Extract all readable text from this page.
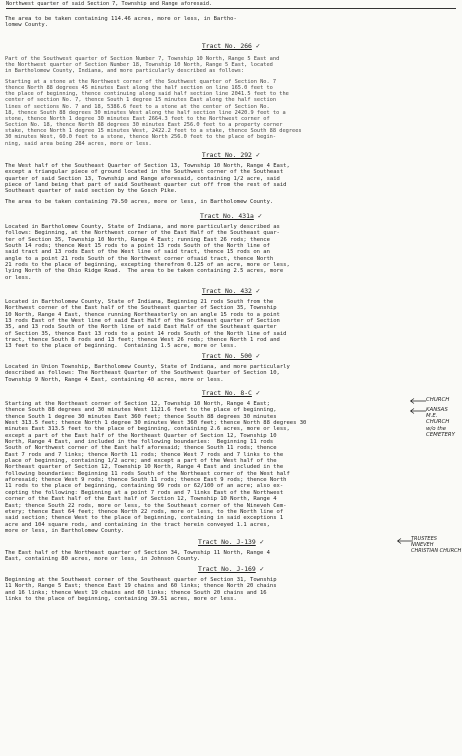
Northwest quarter of said Section 7, Township and Range aforesaid.
The area to be taken containing 114.46 acres, more or less, in Bartho-
lomew County.
Tract No. 266 ✓
Part of the Southwest quarter of Section Number 7, Township 10 North, Range 5 East and
the Northwest quarter of Section Number 18, Township 10 North, Range 5 East, located
in Bartholomew County, Indiana, and more particularly described as follows:
Starting at a stone at the Northwest corner of the Southwest quarter of Section No. 7
thence North 88 degrees 45 minutes East along the half section on line 165.0 feet to
the place of beginning, thence continuing along said half section line 2041.5 feet to the
center of section No. 7, thence South 1 degree 15 minutes East along the half section
lines of sections No. 7 and 18, 5386.6 feet to a stone at the center of Section No.
18, thence South 88 degrees 30 minutes West along the half section line 2420.9 feet to a
stone, thence North 1 degree 30 minutes East 2664.3 feet to the Northwest corner of
Section No. 18, thence North 88 degrees 30 minutes East 256.0 feet to a property corner
stake, thence North 1 degree 15 minutes West, 2422.2 feet to a stake, thence South 88 degrees
30 minutes West, 60.0 feet to a stone, thence North 256.0 feet to the place of begin-
ning, said area being 284 acres, more or less.
Tract No. 292 ✓
The West half of the Southeast Quarter of Section 13, Township 10 North, Range 4 East,
except a triangular piece of ground located in the Southwest corner of the Southeast
quarter of said Section 13, Township and Range aforesaid, containing 1/2 acre, said
piece of land being that part of said Southeast quarter cut off from the rest of said
Southeast quarter of said section by the Gosch Pike.
The area to be taken containing 79.50 acres, more or less, in Bartholomew County.
Tract No. 431a ✓
Located in Bartholomew County, State of Indiana, and more particularly described as
follows: Beginning, at the Northwest corner of the East Half of the Southeast quar-
ter of Section 35, Township 10 North, Range 4 East; running East 26 rods; thence
South 14 rods; thence West 15 rods to a point 13 rods South of the North line of
said tract and 13 rods East of the West line of said tract, thence 15 rods on an
angle to a point 21 rods South of the Northwest corner ofsaid tract, thence North
21 rods to the place of beginning, excepting therefrom 0.125 of an acre, more or less,
lying North of the Ohio Ridge Road.  The area to be taken containing 2.5 acres, more
or less.
Tract No. 432 ✓
Located in Bartholomew County, State of Indiana, Beginning 21 rods South from the
Northwest corner of the East half of the Southeast quarter of Section 35, Township
10 North, Range 4 East, thence running Northeasterly on an angle 15 rods to a point
13 rods East of the West line of said East Half of the Southeast quarter of Section
35, and 13 rods South of the North line of said East Half of the Southeast quarter
of Section 35, thence East 13 rods to a point 14 rods South of the North line of said
tract, thence South 8 rods and 13 feet; thence West 26 rods; thence North 1 rod and
13 feet to the place of beginning.  Containing 1.5 acre, more or less.
Tract No. 500 ✓
Located in Union Township, Bartholomew County, State of Indiana, and more particularly
described as follows: The Northeast Quarter of the Southwest Quarter of Section 10,
Township 9 North, Range 4 East, containing 40 acres, more or less.
Tract No. 8-C ✓
Starting at the Northeast corner of Section 12, Township 10 North, Range 4 East;
thence South 88 degrees and 30 minutes West 1121.6 feet to the place of beginning,
thence South 1 degree 30 minutes East 360 feet; thence South 88 degrees 30 minutes
West 313.5 feet; thence North 1 degree 30 minutes West 360 feet; thence North 88 degrees 30
minutes East 313.5 feet to the place of beginning, containing 2.6 acres, more or less,
except a part of the East half of the Northeast Quarter of Section 12, Township 10
North, Range 4 East, and included in the following boundaries:  Beginning 11 rods
South of Northwest corner of the East half aforesaid; thence South 11 rods; thence
East 7 rods and 7 links; thence North 11 rods; thence West 7 rods and 7 links to the
place of beginning, containing 1/2 acre; and except a part of the West half of the
Northeast quarter of Section 12, Township 10 North, Range 4 East and included in the
following boundaries: Beginning 11 rods South of the Northeast corner of the West half
aforesaid; thence West 9 rods; thence South 11 rods; thence East 9 rods; thence North
11 rods to the place of beginning, containing 99 rods or 62/100 of an acre; also ex-
cepting the following: Beginning at a point 7 rods and 7 links East of the Northwest
corner of the East half of the East half of Section 12, Township 10 North, Range 4
East; thence South 22 rods, more or less, to the Southeast corner of the Nineveh Cem-
etery; thence East 64 feet; thence North 22 rods, more or less, to the North line of
said section; thence West to the place of beginning, containing in said exceptions 1
acre and 104 square rods, and containing in the tract herein conveyed 1.1 acres,
more or less, in Bartholomew County.
Tract No. J-139 ✓
The East half of the Northeast quarter of Section 34, Township 11 North, Range 4
East, containing 80 acres, more or less, in Johnson County.
Tract No. J-169 ✓
Beginning at the Southwest corner of the Southeast quarter of Section 31, Township
11 North, Range 5 East; thence East 19 chains and 60 links; thence North 20 chains
and 16 links; thence West 19 chains and 60 links; thence South 20 chains and 16
links to the place of beginning, containing 39.51 acres, more or less.
CHURCH
KANSAS
M.E.
CHURCH
w/o the
CEMETERY
TRUSTEES
NINEVEH
CHRISTIAN CHURCH
